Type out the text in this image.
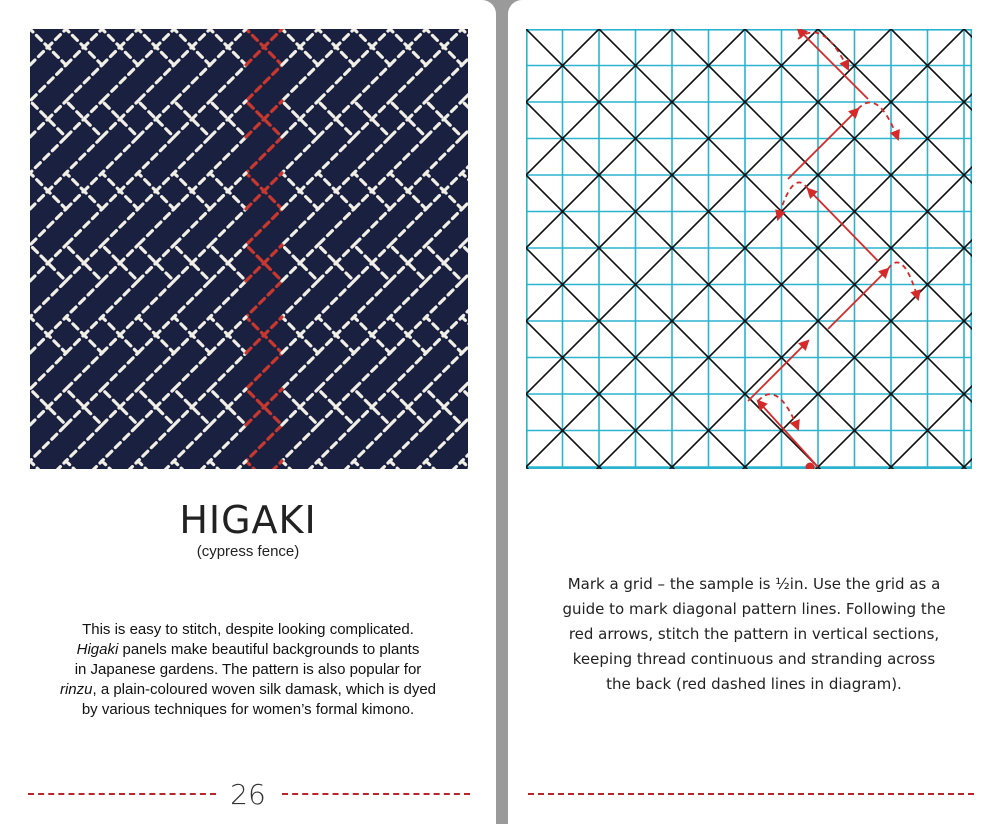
HIGAKI

(cypress fence)

This is easy to stitch, despite looking complicated.
Higaki panels make beautiful backgrounds to plants
in Japanese gardens. The pattern is also popular for
rinzu, a plain-coloured woven silk damask, which is dyed
by various techniques for women’s formal kimono.

26

Mark a grid – the sample is ½in. Use the grid as a
guide to mark diagonal pattern lines. Following the
red arrows, stitch the pattern in vertical sections,
keeping thread continuous and stranding across
the back (red dashed lines in diagram).
